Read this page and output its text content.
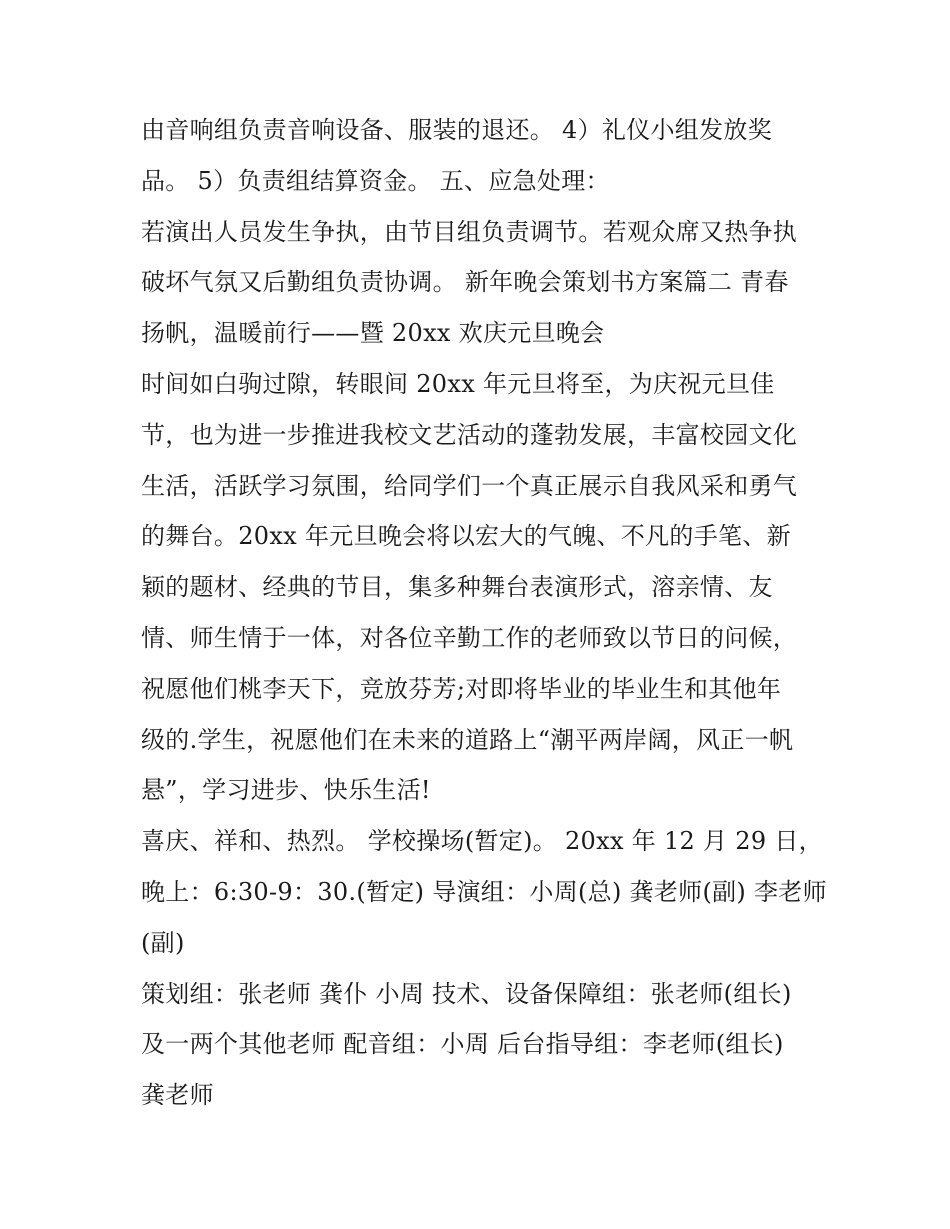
由音响组负责音响设备、服装的退还。 4）礼仪小组发放奖
品。 5）负责组结算资金。 五、应急处理：
若演出人员发生争执，由节目组负责调节。若观众席又热争执
破坏气氛又后勤组负责协调。 新年晚会策划书方案篇二 青春
扬帆，温暖前行——暨 20xx 欢庆元旦晚会
时间如白驹过隙，转眼间 20xx 年元旦将至，为庆祝元旦佳
节，也为进一步推进我校文艺活动的蓬勃发展，丰富校园文化
生活，活跃学习氛围，给同学们一个真正展示自我风采和勇气
的舞台。20xx 年元旦晚会将以宏大的气魄、不凡的手笔、新
颖的题材、经典的节目，集多种舞台表演形式，溶亲情、友
情、师生情于一体，对各位辛勤工作的老师致以节日的问候，
祝愿他们桃李天下，竞放芬芳;对即将毕业的毕业生和其他年
级的.学生，祝愿他们在未来的道路上“潮平两岸阔，风正一帆
悬”，学习进步、快乐生活!
喜庆、祥和、热烈。 学校操场(暂定)。 20xx 年 12 月 29 日，
晚上：6:30-9：30.(暂定) 导演组：小周(总) 龚老师(副) 李老师
(副)
策划组：张老师 龚仆 小周 技术、设备保障组：张老师(组长)
及一两个其他老师 配音组：小周 后台指导组：李老师(组长)
龚老师
